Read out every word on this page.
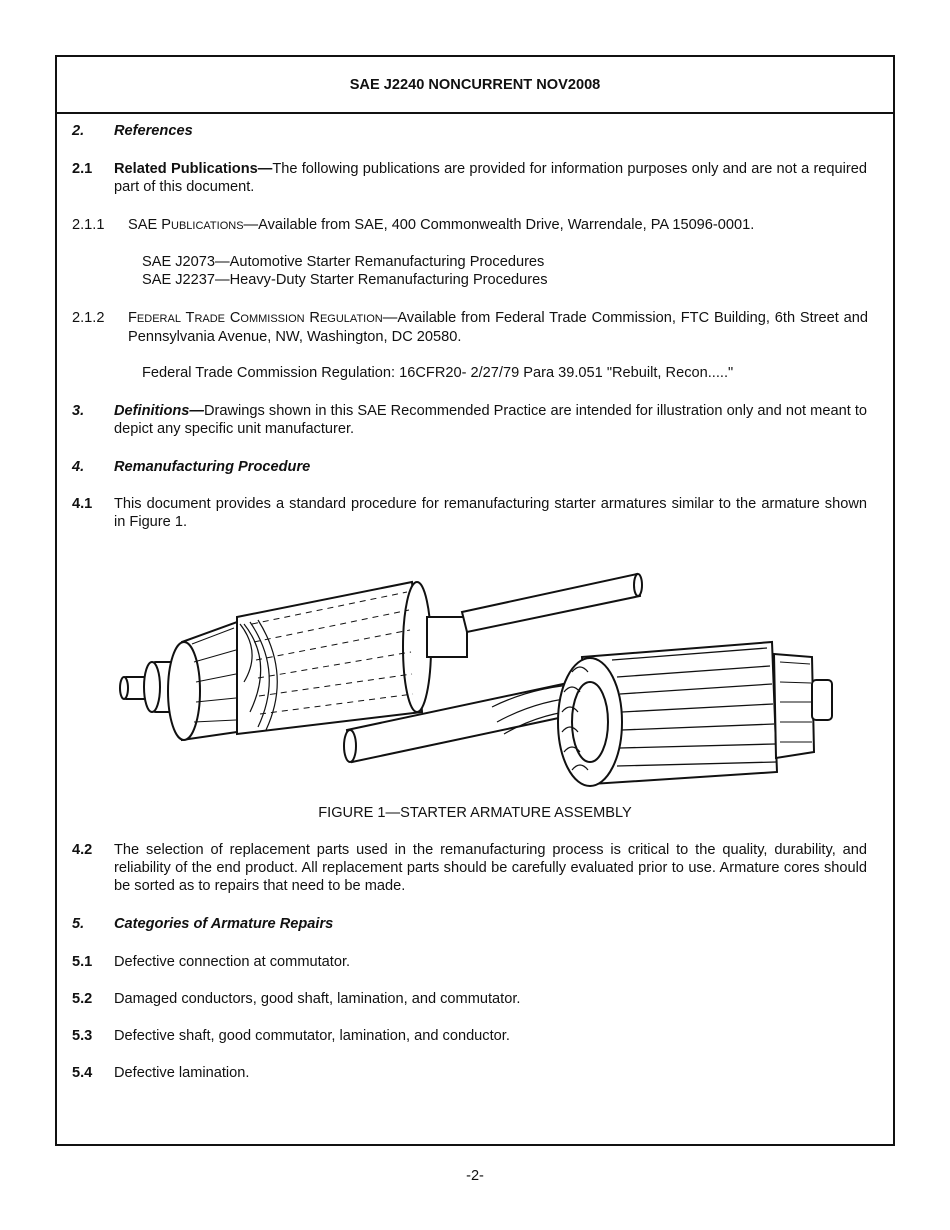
SAE J2240 NONCURRENT NOV2008
2. References
2.1 Related Publications—The following publications are provided for information purposes only and are not a required part of this document.
2.1.1 SAE PUBLICATIONS—Available from SAE, 400 Commonwealth Drive, Warrendale, PA 15096-0001.
SAE J2073—Automotive Starter Remanufacturing Procedures
SAE J2237—Heavy-Duty Starter Remanufacturing Procedures
2.1.2 FEDERAL TRADE COMMISSION REGULATION—Available from Federal Trade Commission, FTC Building, 6th Street and Pennsylvania Avenue, NW, Washington, DC 20580.
Federal Trade Commission Regulation: 16CFR20- 2/27/79 Para 39.051 "Rebuilt, Recon....."
3. Definitions—Drawings shown in this SAE Recommended Practice are intended for illustration only and not meant to depict any specific unit manufacturer.
4. Remanufacturing Procedure
4.1 This document provides a standard procedure for remanufacturing starter armatures similar to the armature shown in Figure 1.
FIGURE 1—STARTER ARMATURE ASSEMBLY
4.2 The selection of replacement parts used in the remanufacturing process is critical to the quality, durability, and reliability of the end product. All replacement parts should be carefully evaluated prior to use. Armature cores should be sorted as to repairs that need to be made.
5. Categories of Armature Repairs
5.1 Defective connection at commutator.
5.2 Damaged conductors, good shaft, lamination, and commutator.
5.3 Defective shaft, good commutator, lamination, and conductor.
5.4 Defective lamination.
-2-
